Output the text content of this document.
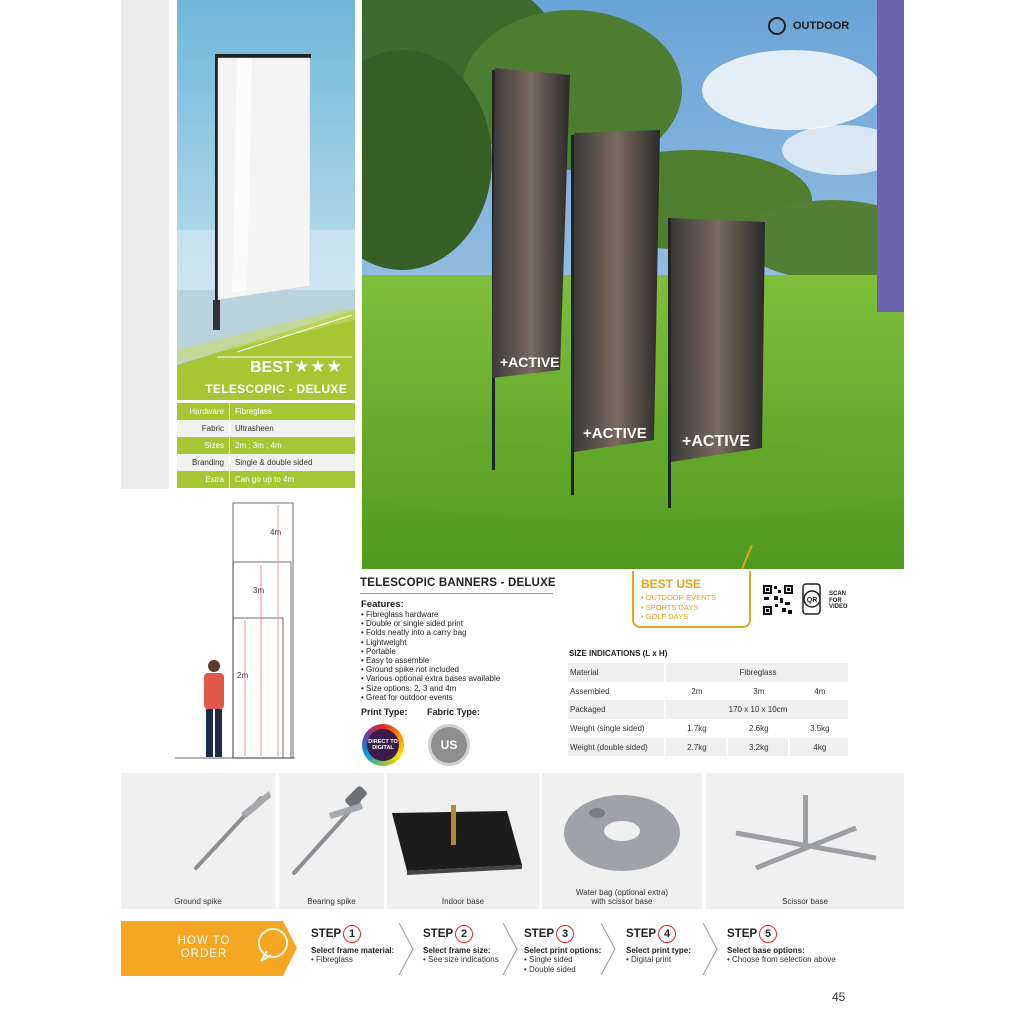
BEST ★★★
TELESCOPIC - DELUXE
Hardware	Fibreglass
Fabric	Ultrasheen
Sizes	2m ; 3m ; 4m
Branding	Single & double sided
Extra	Can go up to 4m
+ACTIVE
+ACTIVE +ACTIVE
OUTDOOR
4m
3m
2m
TELESCOPIC BANNERS - DELUXE
Features:
• Fibreglass hardware
• Double or single sided print
• Folds neatly into a carry bag
• Lightweight
• Portable
• Easy to assemble
• Ground spike not included
• Various optional extra bases available
• Size options: 2, 3 and 4m
• Great for outdoor events
Print Type: Fabric Type:
DIRECT TO DIGITAL	US
BEST USE
• OUTDOOR EVENTS
• SPORTS DAYS
• GOLF DAYS
QR
SCAN FOR VIDEO
SIZE INDICATIONS (L x H)
Material	Fibreglass		
Assembled	2m	3m	4m
Packaged	170 x 10 x 10cm		
Weight (single sided)	1.7kg	2.6kg	3.5kg
Weight (double sided)	2.7kg	3.2kg	4kg
Ground spike	Bearing spike	Indoor base
Water bag (optional extra)
with scissor base	Scissor base
HOW TO
ORDER
STEP 1
Select frame material:
• Fibreglass
STEP 2
Select frame size:
• See size indications
STEP 3
Select print options:
• Single sided
• Double sided
STEP 4
Select print type:
• Digital print
STEP 5
Select base options:
• Choose from selection above
45
